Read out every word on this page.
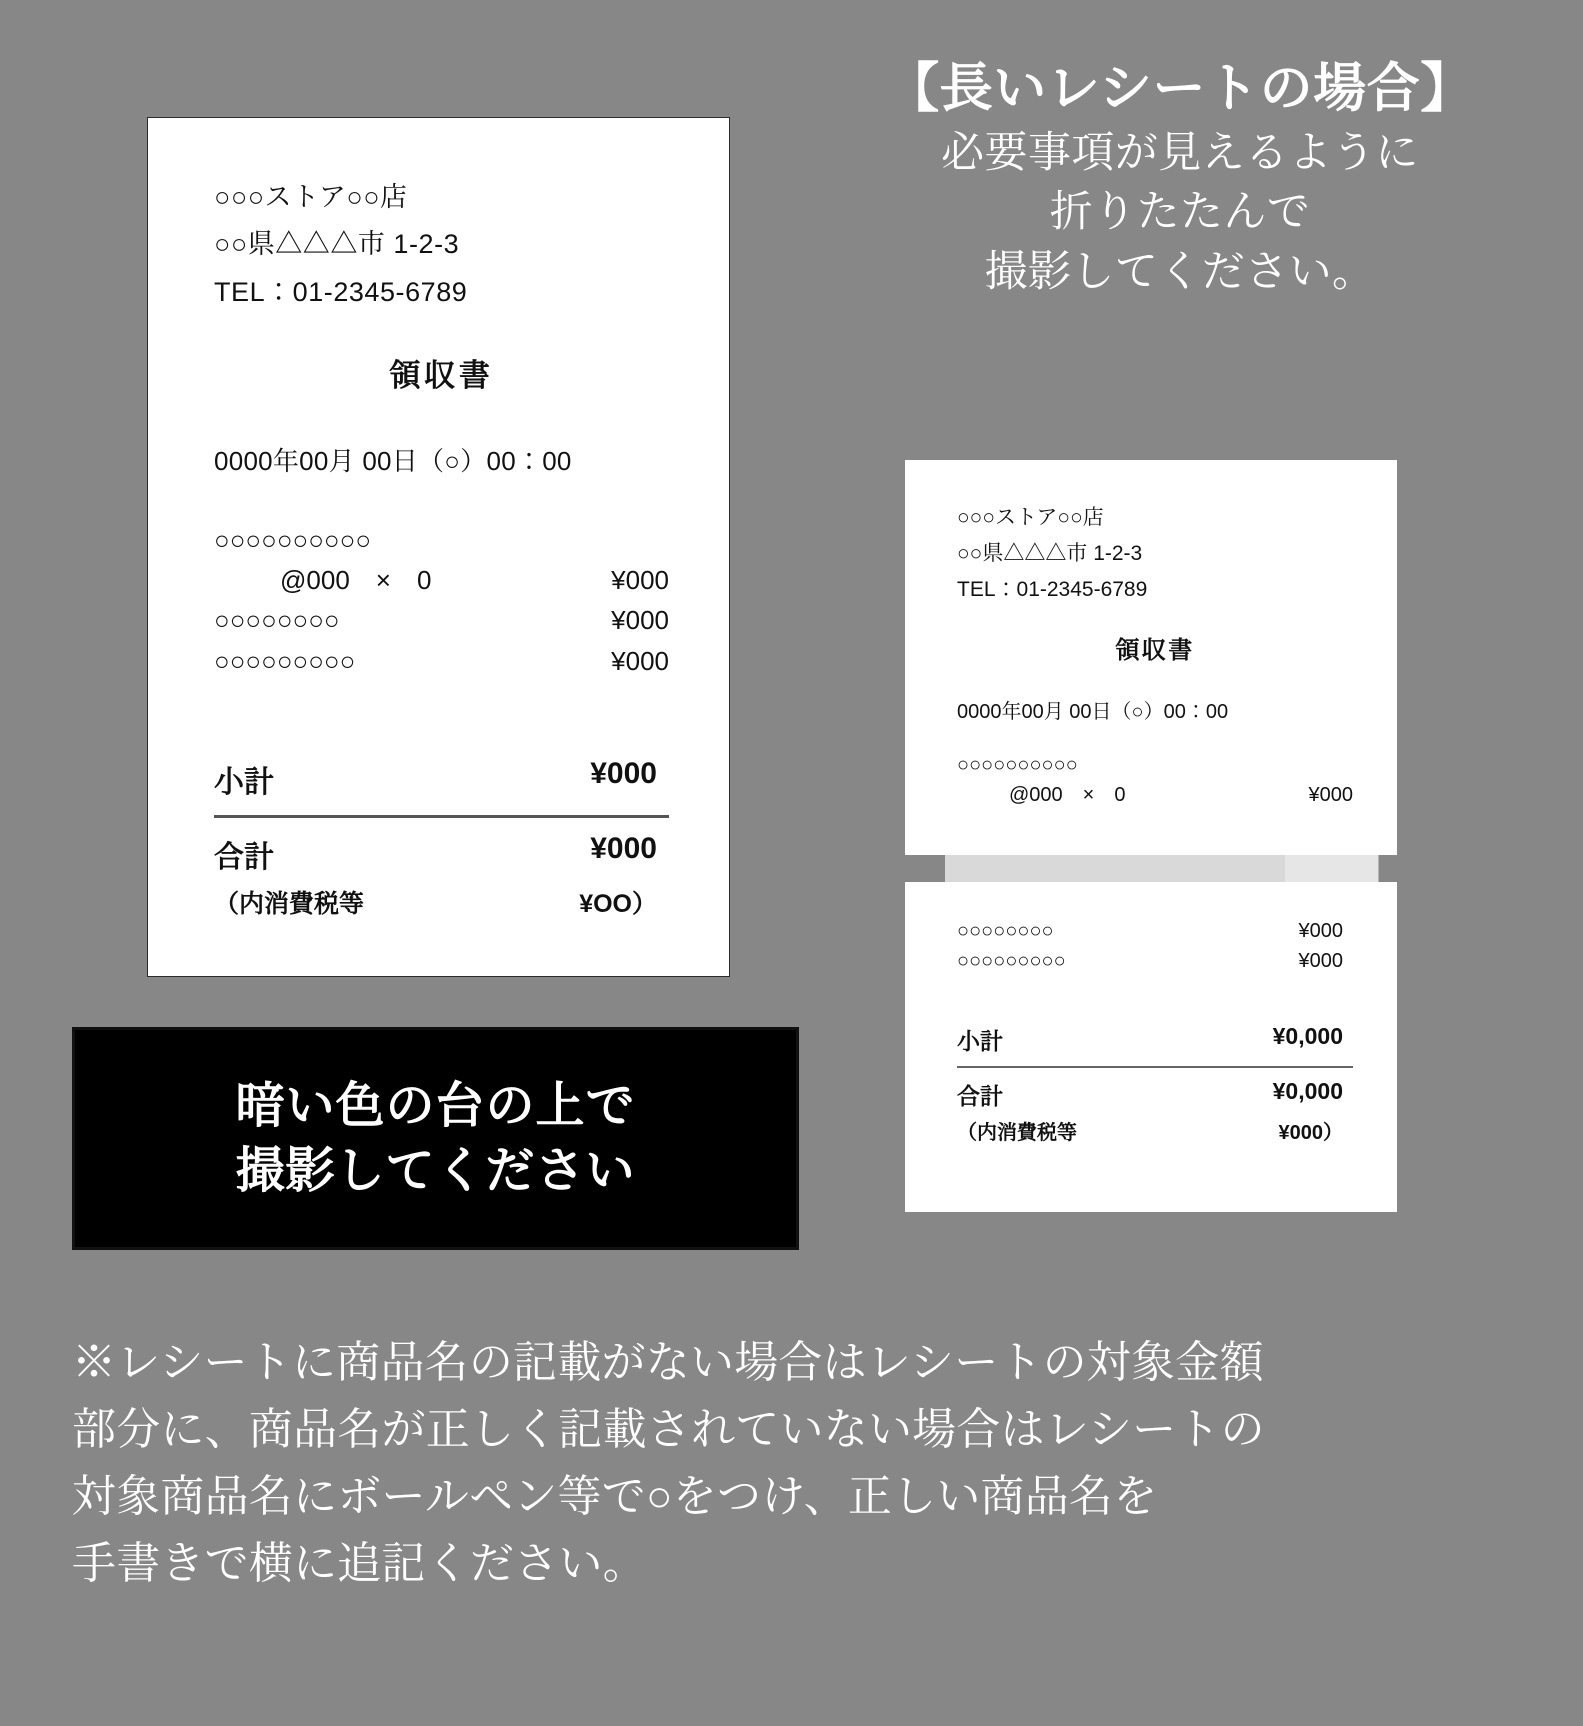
○○○ストア○○店
○○県△△△市 1-2-3
TEL：01-2345-6789
領収書
0000年00月 00日（○）00：00
○○○○○○○○○○
@000　×　0	¥000
○○○○○○○○	¥000
○○○○○○○○○	¥000
小計	¥000
合計	¥000
（内消費税等	¥OO）
暗い色の台の上で
撮影してください
【長いレシートの場合】
必要事項が見えるように
折りたたんで
撮影してください。
○○○ストア○○店
○○県△△△市 1-2-3
TEL：01-2345-6789
領収書
0000年00月 00日（○）00：00
○○○○○○○○○○
@000　×　0	¥000
○○○○○○○○	¥000
○○○○○○○○○	¥000
小計	¥0,000
合計	¥0,000
（内消費税等	¥000）
※レシートに商品名の記載がない場合はレシートの対象金額
部分に、商品名が正しく記載されていない場合はレシートの
対象商品名にボールペン等で○をつけ、正しい商品名を
手書きで横に追記ください。
